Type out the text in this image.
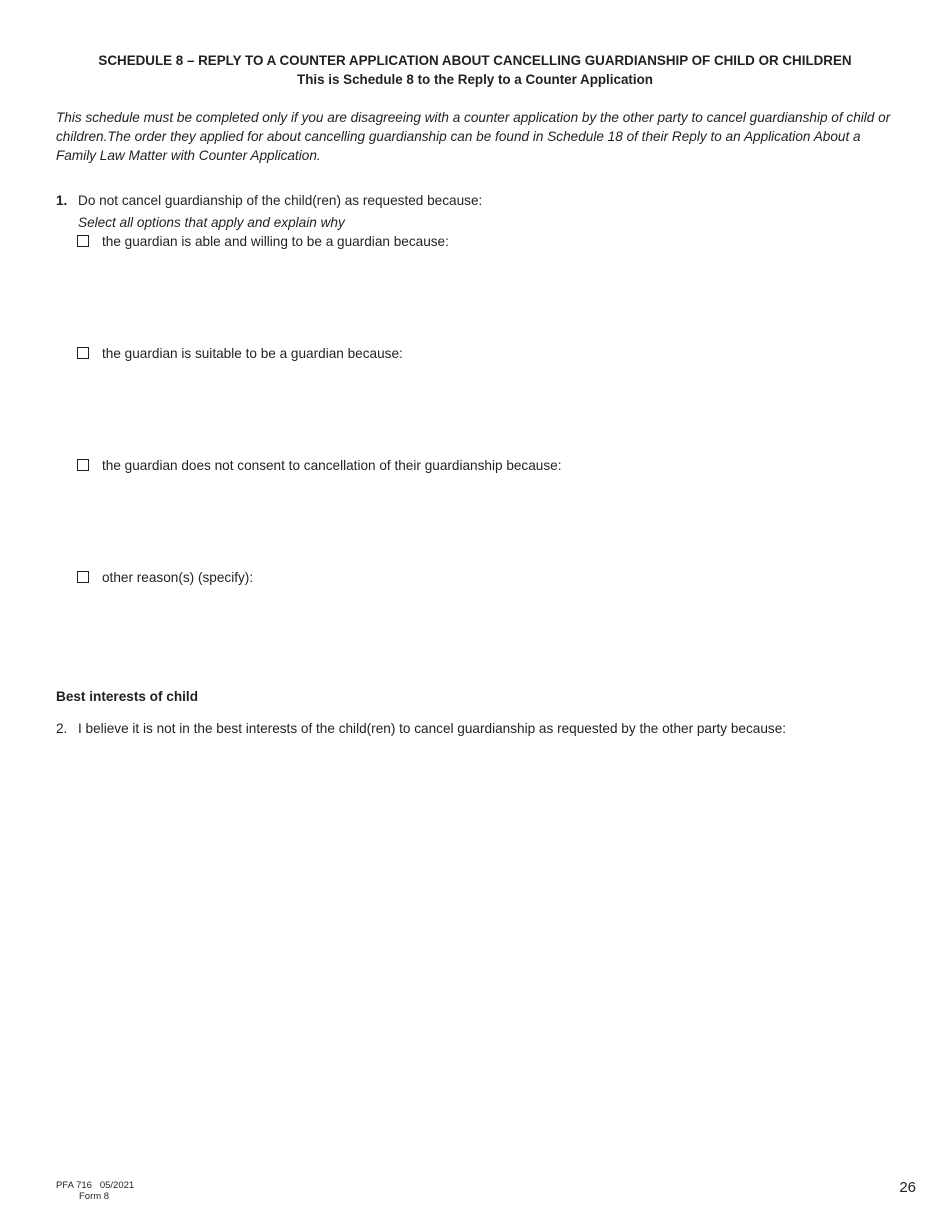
SCHEDULE 8 – REPLY TO A COUNTER APPLICATION ABOUT CANCELLING GUARDIANSHIP OF CHILD OR CHILDREN
This is Schedule 8 to the Reply to a Counter Application
This schedule must be completed only if you are disagreeing with a counter application by the other party to cancel guardianship of child or children.The order they applied for about cancelling guardianship can be found in Schedule 18 of their Reply to an Application About a Family Law Matter with Counter Application.
1. Do not cancel guardianship of the child(ren) as requested because:
Select all options that apply and explain why
the guardian is able and willing to be a guardian because:
the guardian is suitable to be a guardian because:
the guardian does not consent to cancellation of their guardianship because:
other reason(s) (specify):
Best interests of child
2. I believe it is not in the best interests of the child(ren) to cancel guardianship as requested by the other party because:
PFA 716   05/2021
Form 8
26
